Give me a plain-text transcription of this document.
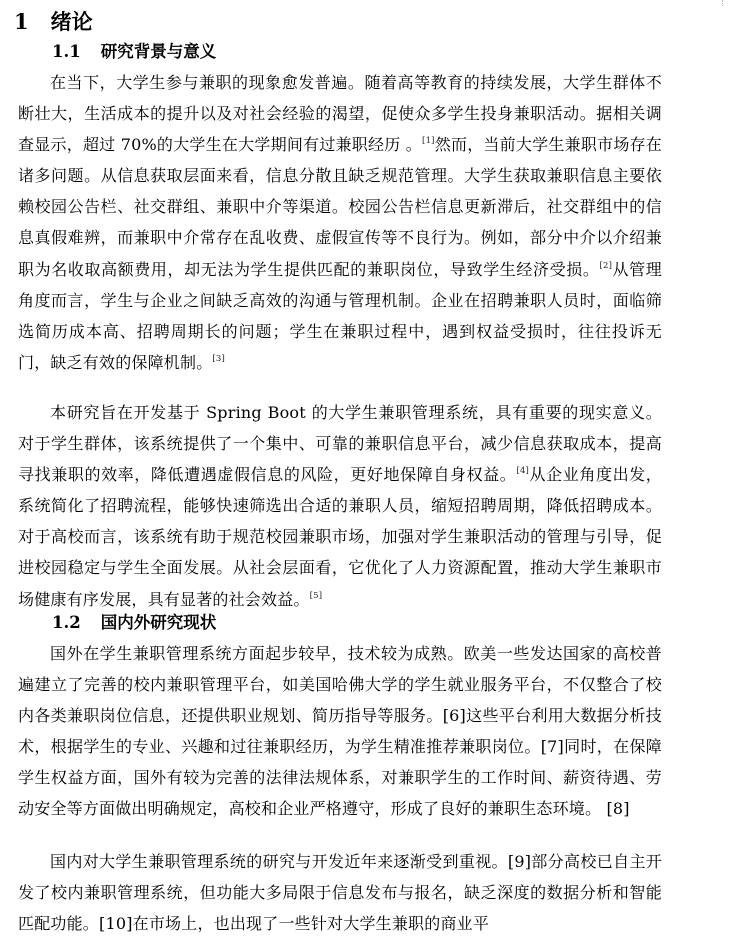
1 绪论
1.1 研究背景与意义

在当下，大学生参与兼职的现象愈发普遍。随着高等教育的持续发展，大学生群体不断壮大，生活成本的提升以及对社会经验的渴望，促使众多学生投身兼职活动。据相关调查显示，超过 70%的大学生在大学期间有过兼职经历 。[1]然而，当前大学生兼职市场存在诸多问题。从信息获取层面来看，信息分散且缺乏规范管理。大学生获取兼职信息主要依赖校园公告栏、社交群组、兼职中介等渠道。校园公告栏信息更新滞后，社交群组中的信息真假难辨，而兼职中介常存在乱收费、虚假宣传等不良行为。例如，部分中介以介绍兼职为名收取高额费用，却无法为学生提供匹配的兼职岗位，导致学生经济受损。[2]从管理角度而言，学生与企业之间缺乏高效的沟通与管理机制。企业在招聘兼职人员时，面临筛选简历成本高、招聘周期长的问题；学生在兼职过程中，遇到权益受损时，往往投诉无门，缺乏有效的保障机制。[3]

本研究旨在开发基于 Spring Boot 的大学生兼职管理系统，具有重要的现实意义。对于学生群体，该系统提供了一个集中、可靠的兼职信息平台，减少信息获取成本，提高寻找兼职的效率，降低遭遇虚假信息的风险，更好地保障自身权益。[4]从企业角度出发，系统简化了招聘流程，能够快速筛选出合适的兼职人员，缩短招聘周期，降低招聘成本。对于高校而言，该系统有助于规范校园兼职市场，加强对学生兼职活动的管理与引导，促进校园稳定与学生全面发展。从社会层面看，它优化了人力资源配置，推动大学生兼职市场健康有序发展，具有显著的社会效益。[5]

1.2 国内外研究现状

国外在学生兼职管理系统方面起步较早，技术较为成熟。欧美一些发达国家的高校普遍建立了完善的校内兼职管理平台，如美国哈佛大学的学生就业服务平台，不仅整合了校内各类兼职岗位信息，还提供职业规划、简历指导等服务。[6]这些平台利用大数据分析技术，根据学生的专业、兴趣和过往兼职经历，为学生精准推荐兼职岗位。[7]同时，在保障学生权益方面，国外有较为完善的法律法规体系，对兼职学生的工作时间、薪资待遇、劳动安全等方面做出明确规定，高校和企业严格遵守，形成了良好的兼职生态环境。 [8]

国内对大学生兼职管理系统的研究与开发近年来逐渐受到重视。[9]部分高校已自主开发了校内兼职管理系统，但功能大多局限于信息发布与报名，缺乏深度的数据分析和智能匹配功能。[10]在市场上，也出现了一些针对大学生兼职的商业平
